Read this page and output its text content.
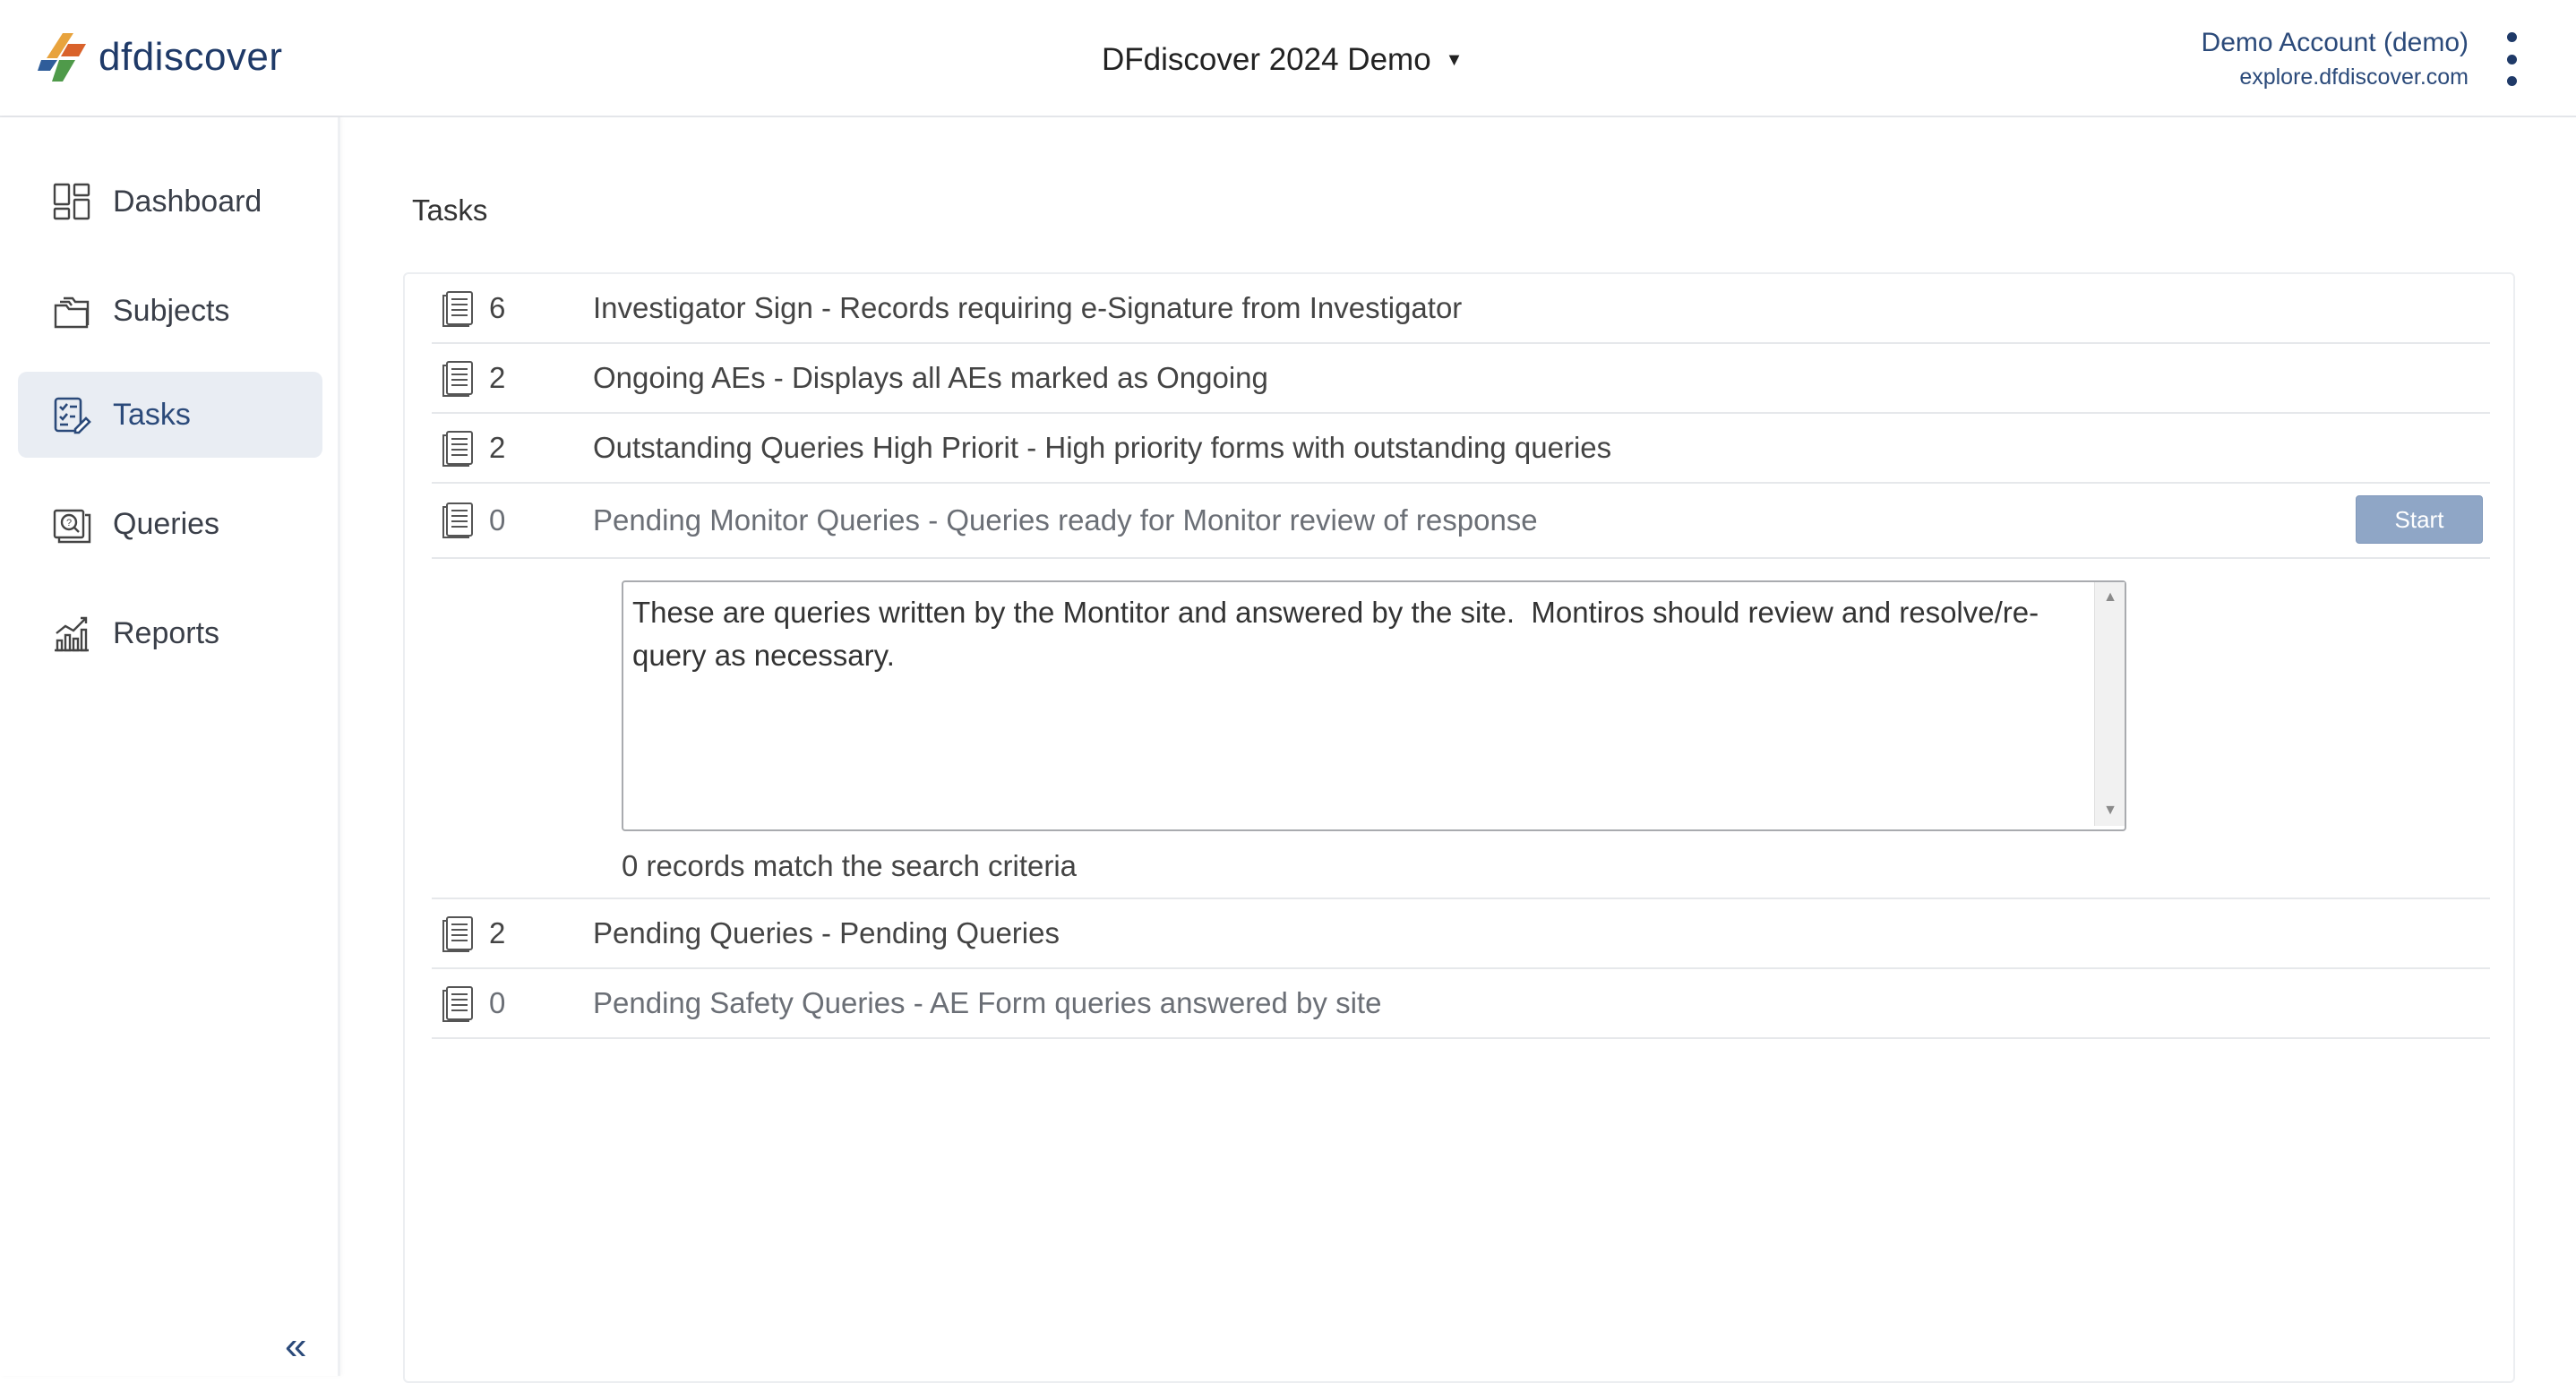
dfdiscover	DFdiscover 2024 Demo ▼
Demo Account (demo)
explore.dfdiscover.com
Dashboard
Subjects
Tasks
? Queries
Reports
«
Tasks
6	Investigator Sign - Records requiring e-Signature from Investigator
2	Ongoing AEs - Displays all AEs marked as Ongoing
2	Outstanding Queries High Priorit - High priority forms with outstanding queries
0	Pending Monitor Queries - Queries ready for Monitor review of response	Start
These are queries written by the Montitor and answered by the site. Montiros should review and resolve/re-query as necessary.
▲
▼
0 records match the search criteria
2	Pending Queries - Pending Queries
0	Pending Safety Queries - AE Form queries answered by site
